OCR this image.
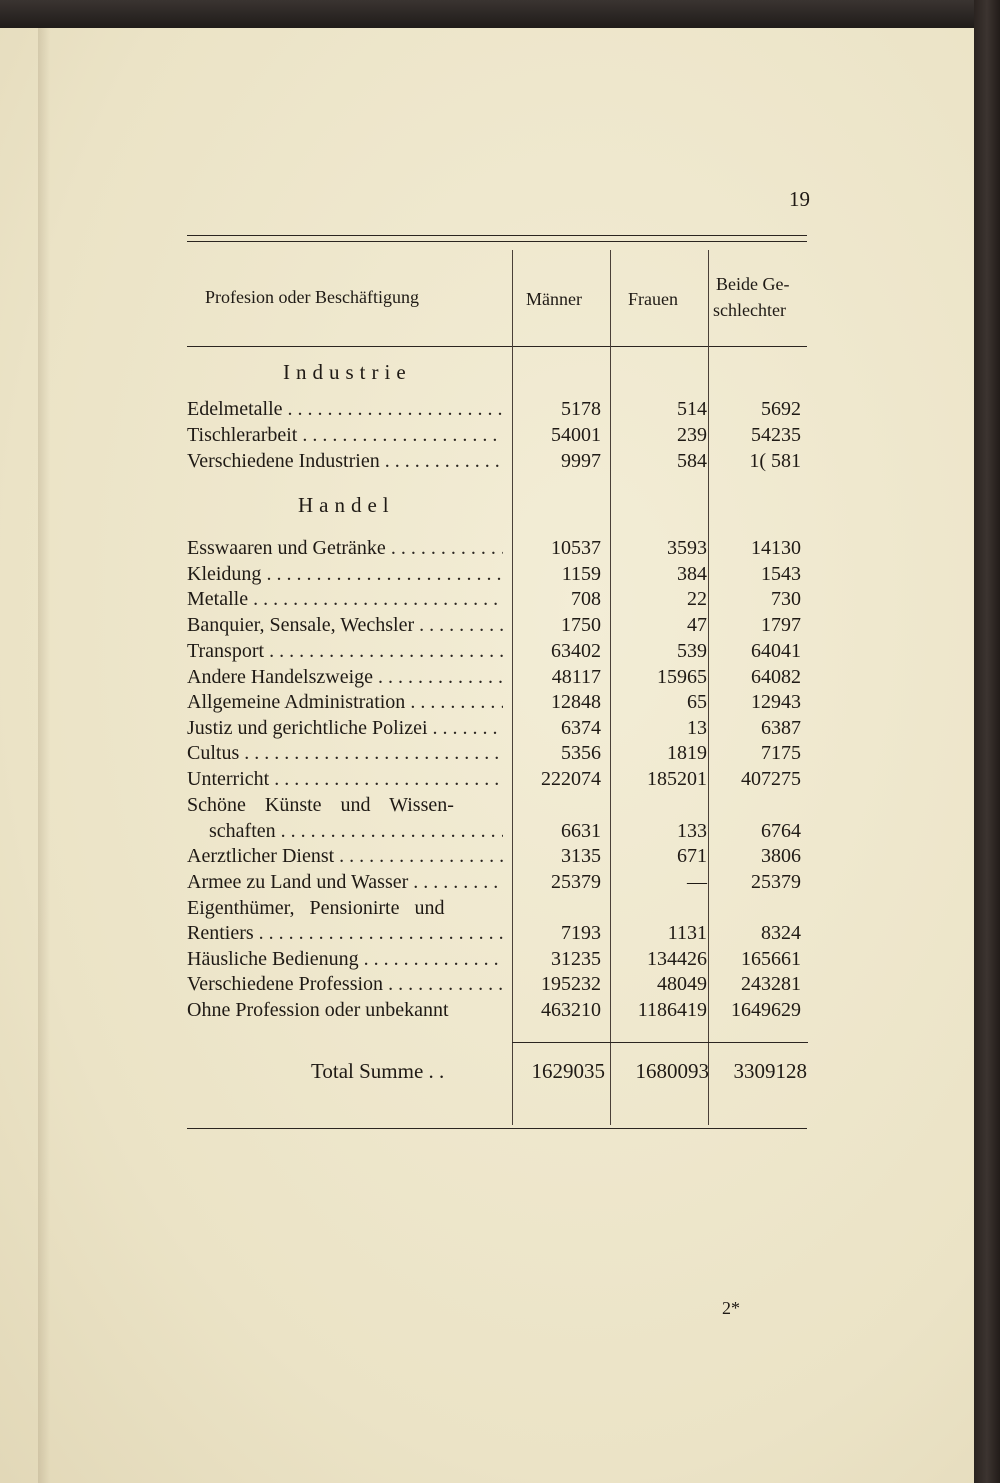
19
Profesion oder Beschäftigung	Männer	Frauen
Beide Ge-
schlechter
Industrie
Edelmetalle . . .	5178	514	5692
Tischlerarbeit . . .	54001	239	54235
Verschiedene Industrien . . .	9997	584	1( 581
Handel
Esswaaren und Getränke . . .	10537	3593	14130
Kleidung . . .	1159	384	1543
Metalle . . .	708	22	730
Banquier, Sensale, Wechsler . . .	1750	47	1797
Transport . . .	63402	539	64041
Andere Handelszweige . . .	48117	15965	64082
Allgemeine Administration . . .	12848	65	12943
Justiz und gerichtliche Polizei . . .	6374	13	6387
Cultus . . .	5356	1819	7175
Unterricht . . .	222074	185201	407275
Schöne Künste und Wissen-
schaften . . .	6631	133	6764
Aerztlicher Dienst . . .	3135	671	3806
Armee zu Land und Wasser . . .	25379	—	25379
Eigenthümer, Pensionirte und
Rentiers . . .	7193	1131	8324
Häusliche Bedienung . . .	31235	134426	165661
Verschiedene Profession . . .	195232	48049	243281
Ohne Profession oder unbekannt	463210	1186419	1649629
Total Summe . .	1629035	1680093	3309128
2*
